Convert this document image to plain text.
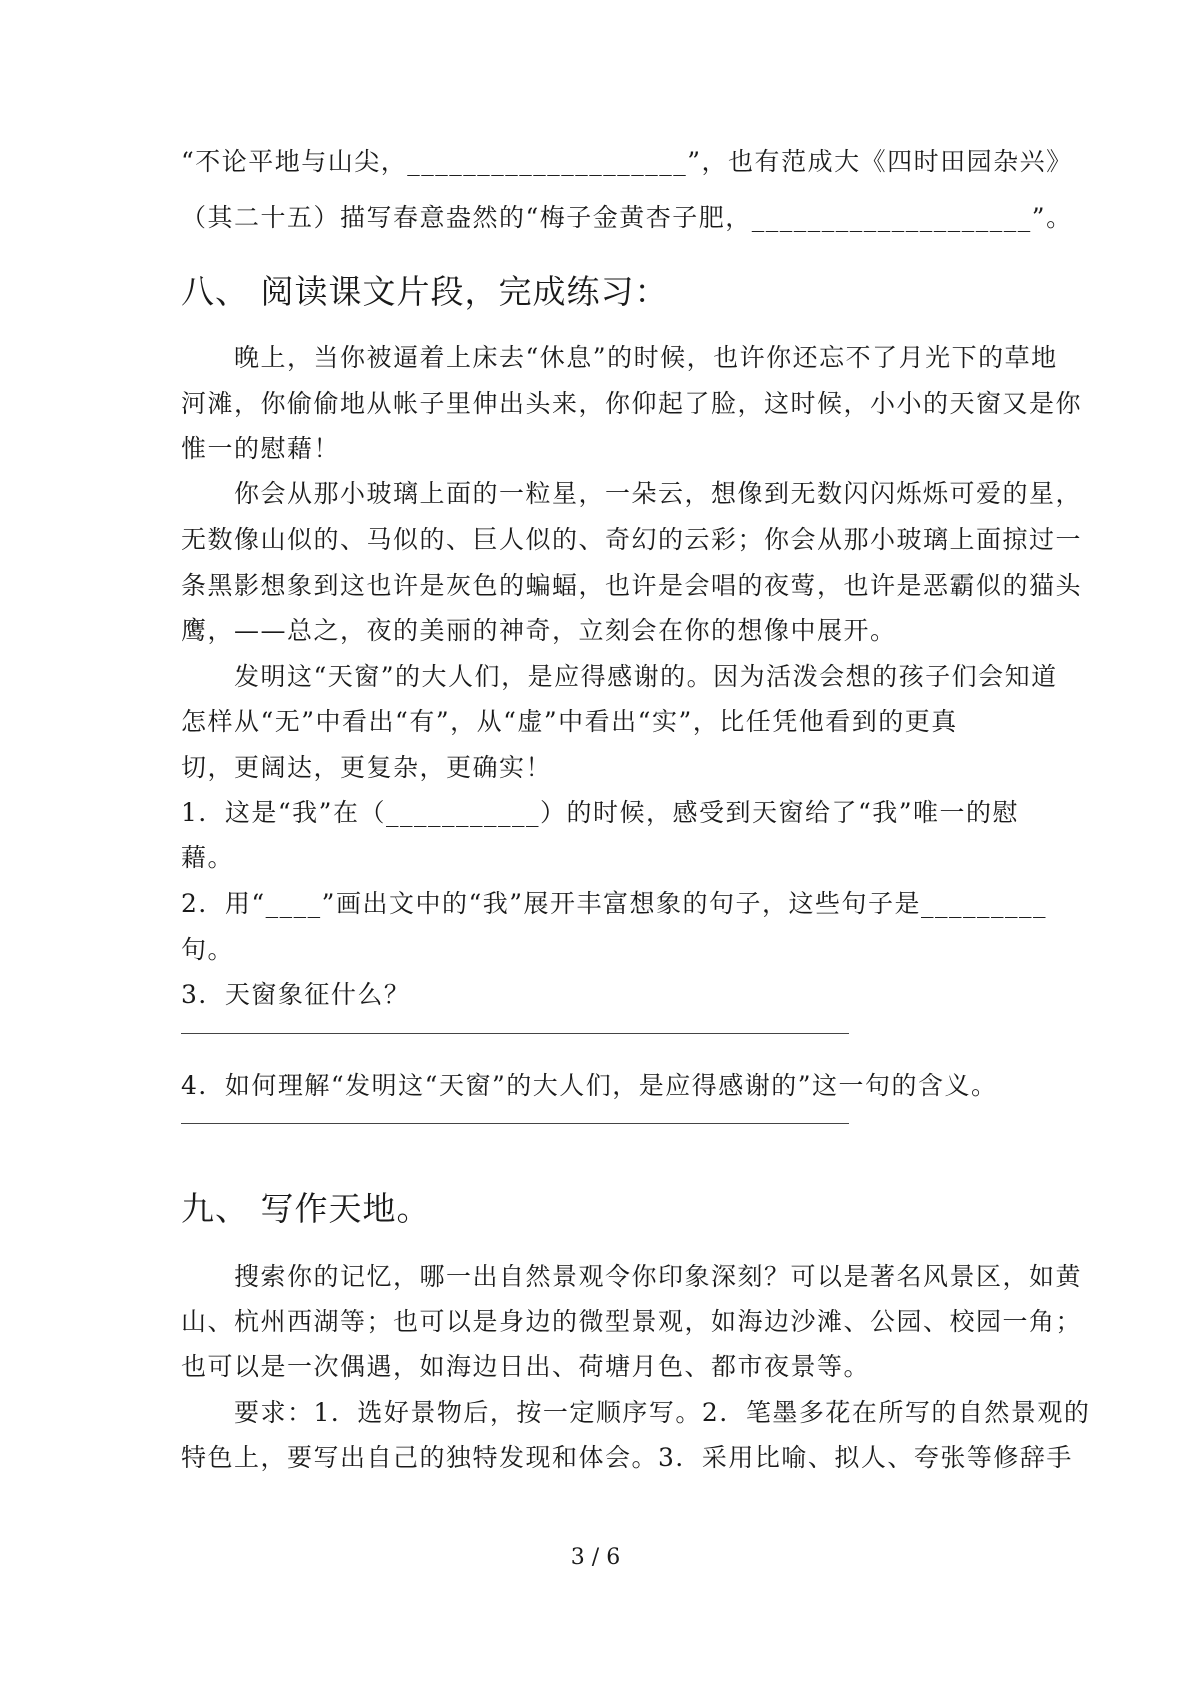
“不论平地与山尖，____________________”，也有范成大《四时田园杂兴》
（其二十五）描写春意盎然的“梅子金黄杏子肥，____________________”。
八、 阅读课文片段，完成练习：
　　晚上，当你被逼着上床去“休息”的时候，也许你还忘不了月光下的草地
河滩，你偷偷地从帐子里伸出头来，你仰起了脸，这时候，小小的天窗又是你
惟一的慰藉！
　　你会从那小玻璃上面的一粒星，一朵云，想像到无数闪闪烁烁可爱的星，
无数像山似的、马似的、巨人似的、奇幻的云彩；你会从那小玻璃上面掠过一
条黑影想象到这也许是灰色的蝙蝠，也许是会唱的夜莺，也许是恶霸似的猫头
鹰，——总之，夜的美丽的神奇，立刻会在你的想像中展开。
　　发明这“天窗”的大人们，是应得感谢的。因为活泼会想的孩子们会知道
怎样从“无”中看出“有”，从“虚”中看出“实”，比任凭他看到的更真
切，更阔达，更复杂，更确实！
1．这是“我”在（___________）的时候，感受到天窗给了“我”唯一的慰
藉。
2．用“____”画出文中的“我”展开丰富想象的句子，这些句子是_________
句。
3．天窗象征什么？
4．如何理解“发明这“天窗”的大人们，是应得感谢的”这一句的含义。
九、 写作天地。
　　搜索你的记忆，哪一出自然景观令你印象深刻？可以是著名风景区，如黄
山、杭州西湖等；也可以是身边的微型景观，如海边沙滩、公园、校园一角；
也可以是一次偶遇，如海边日出、荷塘月色、都市夜景等。
　　要求：1．选好景物后，按一定顺序写。2．笔墨多花在所写的自然景观的
特色上，要写出自己的独特发现和体会。3．采用比喻、拟人、夸张等修辞手
3 / 6
